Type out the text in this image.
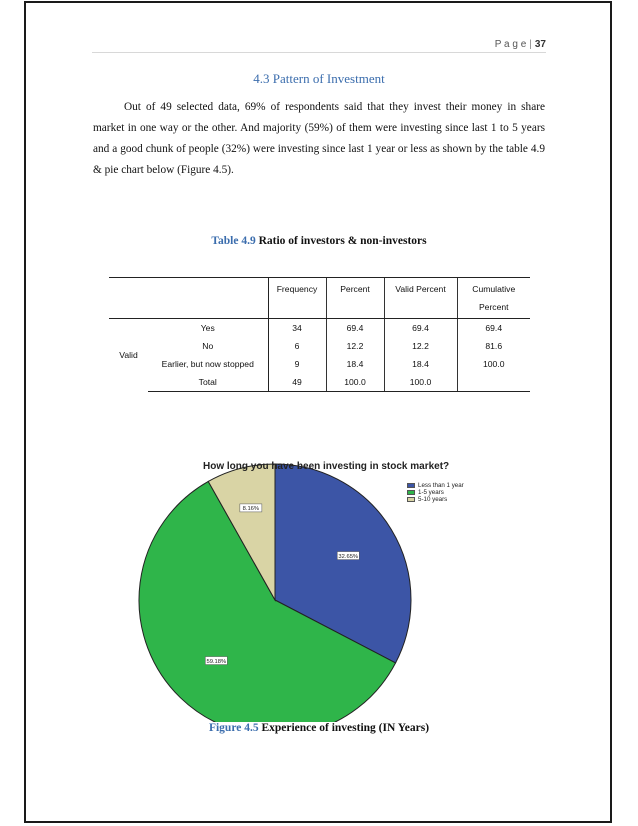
P a g e | 37
4.3 Pattern of Investment

Out of 49 selected data, 69% of respondents said that they invest their money in share market in one way or the other. And majority (59%) of them were investing since last 1 to 5 years and a good chunk of people (32%) were investing since last 1 year or less as shown by the table 4.9 & pie chart below (Figure 4.5).

Table 4.9 Ratio of investors & non-investors
		Frequency	Percent	Valid Percent	Cumulative Percent
Valid	Yes	34	69.4	69.4	69.4
	No	6	12.2	12.2	81.6
	Earlier, but now stopped	9	18.4	18.4	100.0
	Total	49	100.0	100.0	
32.65%
59.18%
8.16%
How long you have been investing in stock market?
Less than 1 year
1-5 years
5-10 years
Figure 4.5 Experience of investing (IN Years)
